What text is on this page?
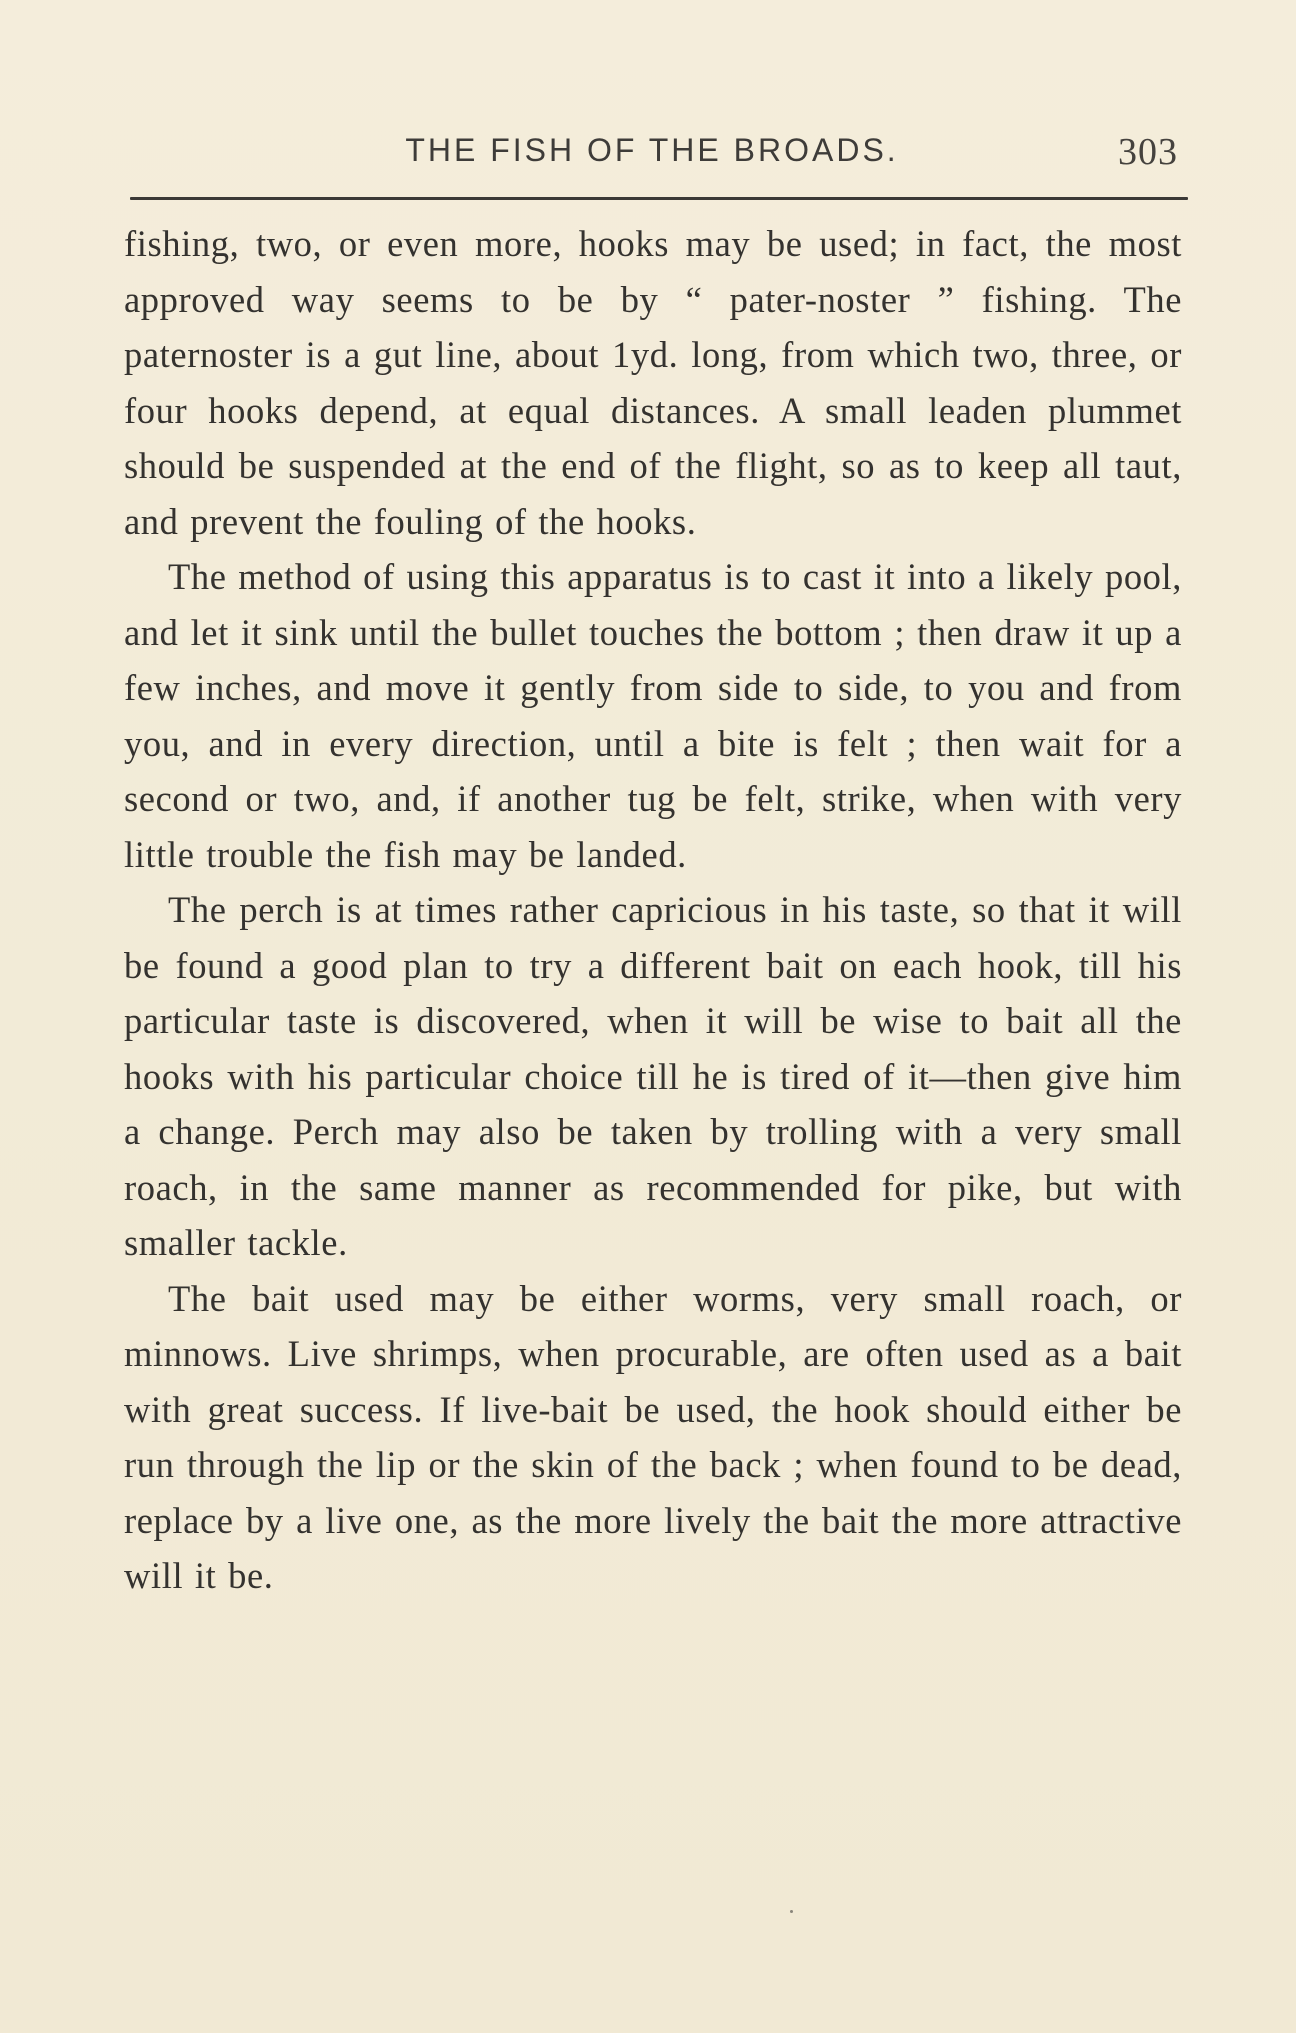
THE FISH OF THE BROADS.	303

fishing, two, or even more, hooks may be used; in fact, the most approved way seems to be by “ pater-noster ” fishing. The paternoster is a gut line, about 1yd. long, from which two, three, or four hooks depend, at equal distances. A small leaden plummet should be suspended at the end of the flight, so as to keep all taut, and prevent the fouling of the hooks.

The method of using this apparatus is to cast it into a likely pool, and let it sink until the bullet touches the bottom ; then draw it up a few inches, and move it gently from side to side, to you and from you, and in every direction, until a bite is felt ; then wait for a second or two, and, if another tug be felt, strike, when with very little trouble the fish may be landed.

The perch is at times rather capricious in his taste, so that it will be found a good plan to try a different bait on each hook, till his particular taste is discovered, when it will be wise to bait all the hooks with his particular choice till he is tired of it—then give him a change. Perch may also be taken by trolling with a very small roach, in the same manner as recommended for pike, but with smaller tackle.

The bait used may be either worms, very small roach, or minnows. Live shrimps, when procurable, are often used as a bait with great success. If live-bait be used, the hook should either be run through the lip or the skin of the back ; when found to be dead, replace by a live one, as the more lively the bait the more attractive will it be.
